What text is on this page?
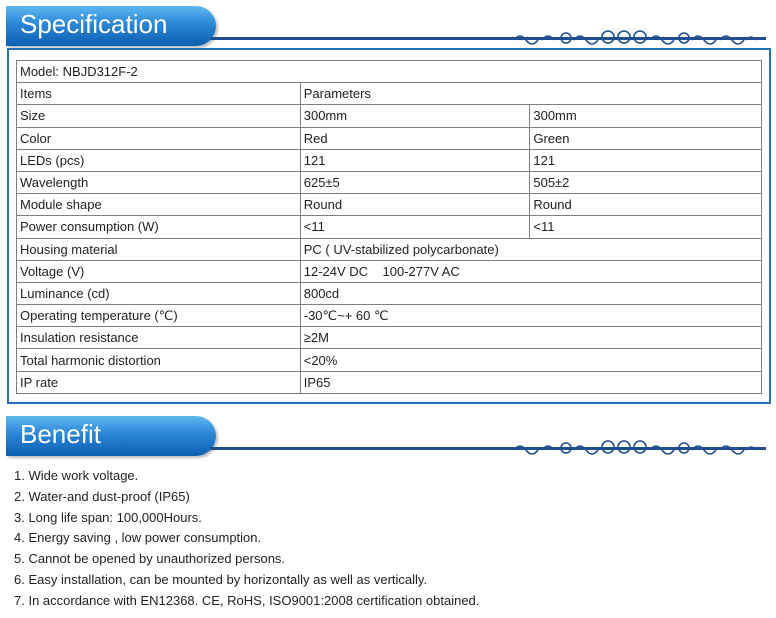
Specification
Model: NBJD312F-2		
Items	Parameters	
Size	300mm	300mm
Color	Red	Green
LEDs (pcs)	121	121
Wavelength	625±5	505±2
Module shape	Round	Round
Power consumption (W)	<11	<11
Housing material	PC ( UV-stabilized polycarbonate)	
Voltage (V)	12-24V DC    100-277V AC	
Luminance (cd)	800cd	
Operating temperature (℃)	-30℃~+ 60 ℃	
Insulation resistance	≥2M	
Total harmonic distortion	<20%	
IP rate	IP65	
Benefit
1. Wide work voltage.
2. Water-and dust-proof (IP65)
3. Long life span: 100,000Hours.
4. Energy saving , low power consumption.
5. Cannot be opened by unauthorized persons.
6. Easy installation, can be mounted by horizontally as well as vertically.
7. In accordance with EN12368. CE, RoHS, ISO9001:2008 certification obtained.
